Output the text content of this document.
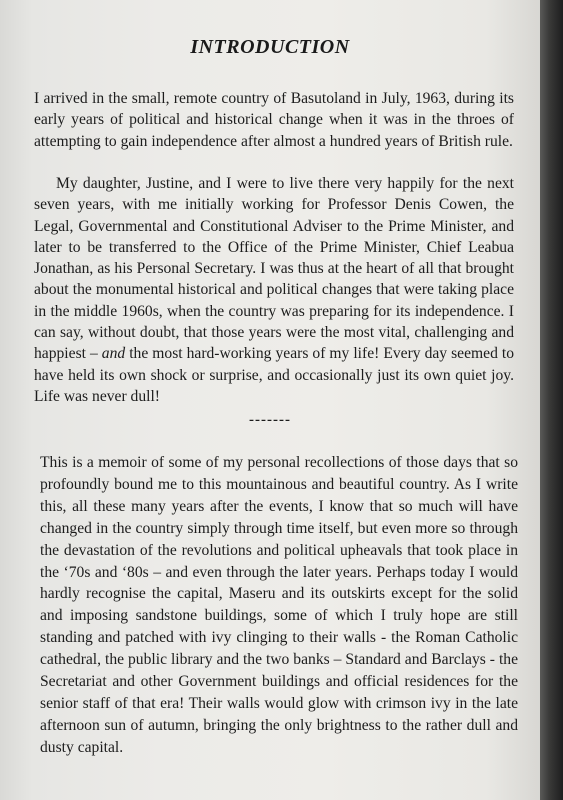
INTRODUCTION

I arrived in the small, remote country of Basutoland in July, 1963, during its early years of political and historical change when it was in the throes of attempting to gain independence after almost a hundred years of British rule.

My daughter, Justine, and I were to live there very happily for the next seven years, with me initially working for Professor Denis Cowen, the Legal, Governmental and Constitutional Adviser to the Prime Minister, and later to be transferred to the Office of the Prime Minister, Chief Leabua Jonathan, as his Personal Secretary. I was thus at the heart of all that brought about the monumental historical and political changes that were taking place in the middle 1960s, when the country was preparing for its independence. I can say, without doubt, that those years were the most vital, challenging and happiest – and the most hard-working years of my life! Every day seemed to have held its own shock or surprise, and occasionally just its own quiet joy. Life was never dull!

-------

This is a memoir of some of my personal recollections of those days that so profoundly bound me to this mountainous and beautiful country. As I write this, all these many years after the events, I know that so much will have changed in the country simply through time itself, but even more so through the devastation of the revolutions and political upheavals that took place in the ‘70s and ‘80s – and even through the later years. Perhaps today I would hardly recognise the capital, Maseru and its outskirts except for the solid and imposing sandstone buildings, some of which I truly hope are still standing and patched with ivy clinging to their walls - the Roman Catholic cathedral, the public library and the two banks – Standard and Barclays - the Secretariat and other Government buildings and official residences for the senior staff of that era! Their walls would glow with crimson ivy in the late afternoon sun of autumn, bringing the only brightness to the rather dull and dusty capital.
